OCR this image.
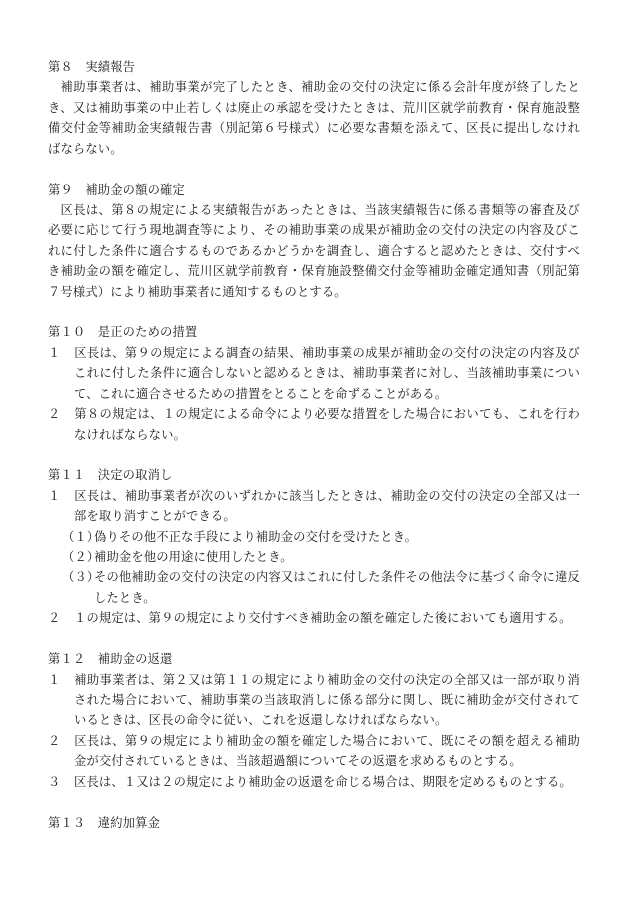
第８　実績報告

補助事業者は、補助事業が完了したとき、補助金の交付の決定に係る会計年度が終了したとき、又は補助事業の中止若しくは廃止の承認を受けたときは、荒川区就学前教育・保育施設整備交付金等補助金実績報告書（別記第６号様式）に必要な書類を添えて、区長に提出しなければならない。

第９　補助金の額の確定

区長は、第８の規定による実績報告があったときは、当該実績報告に係る書類等の審査及び必要に応じて行う現地調査等により、その補助事業の成果が補助金の交付の決定の内容及びこれに付した条件に適合するものであるかどうかを調査し、適合すると認めたときは、交付すべき補助金の額を確定し、荒川区就学前教育・保育施設整備交付金等補助金確定通知書（別記第７号様式）により補助事業者に通知するものとする。

第１０　是正のための措置

１ 区長は、第９の規定による調査の結果、補助事業の成果が補助金の交付の決定の内容及びこれに付した条件に適合しないと認めるときは、補助事業者に対し、当該補助事業について、これに適合させるための措置をとることを命ずることがある。

２ 第８の規定は、１の規定による命令により必要な措置をした場合においても、これを行わなければならない。

第１１　決定の取消し

１ 区長は、補助事業者が次のいずれかに該当したときは、補助金の交付の決定の全部又は一部を取り消すことができる。

（１）偽りその他不正な手段により補助金の交付を受けたとき。

（２）補助金を他の用途に使用したとき。

（３）その他補助金の交付の決定の内容又はこれに付した条件その他法令に基づく命令に違反したとき。

２ １の規定は、第９の規定により交付すべき補助金の額を確定した後においても適用する。

第１２　補助金の返還

１ 補助事業者は、第２又は第１１の規定により補助金の交付の決定の全部又は一部が取り消された場合において、補助事業の当該取消しに係る部分に関し、既に補助金が交付されているときは、区長の命令に従い、これを返還しなければならない。

２ 区長は、第９の規定により補助金の額を確定した場合において、既にその額を超える補助金が交付されているときは、当該超過額についてその返還を求めるものとする。

３ 区長は、１又は２の規定により補助金の返還を命じる場合は、期限を定めるものとする。

第１３　違約加算金
